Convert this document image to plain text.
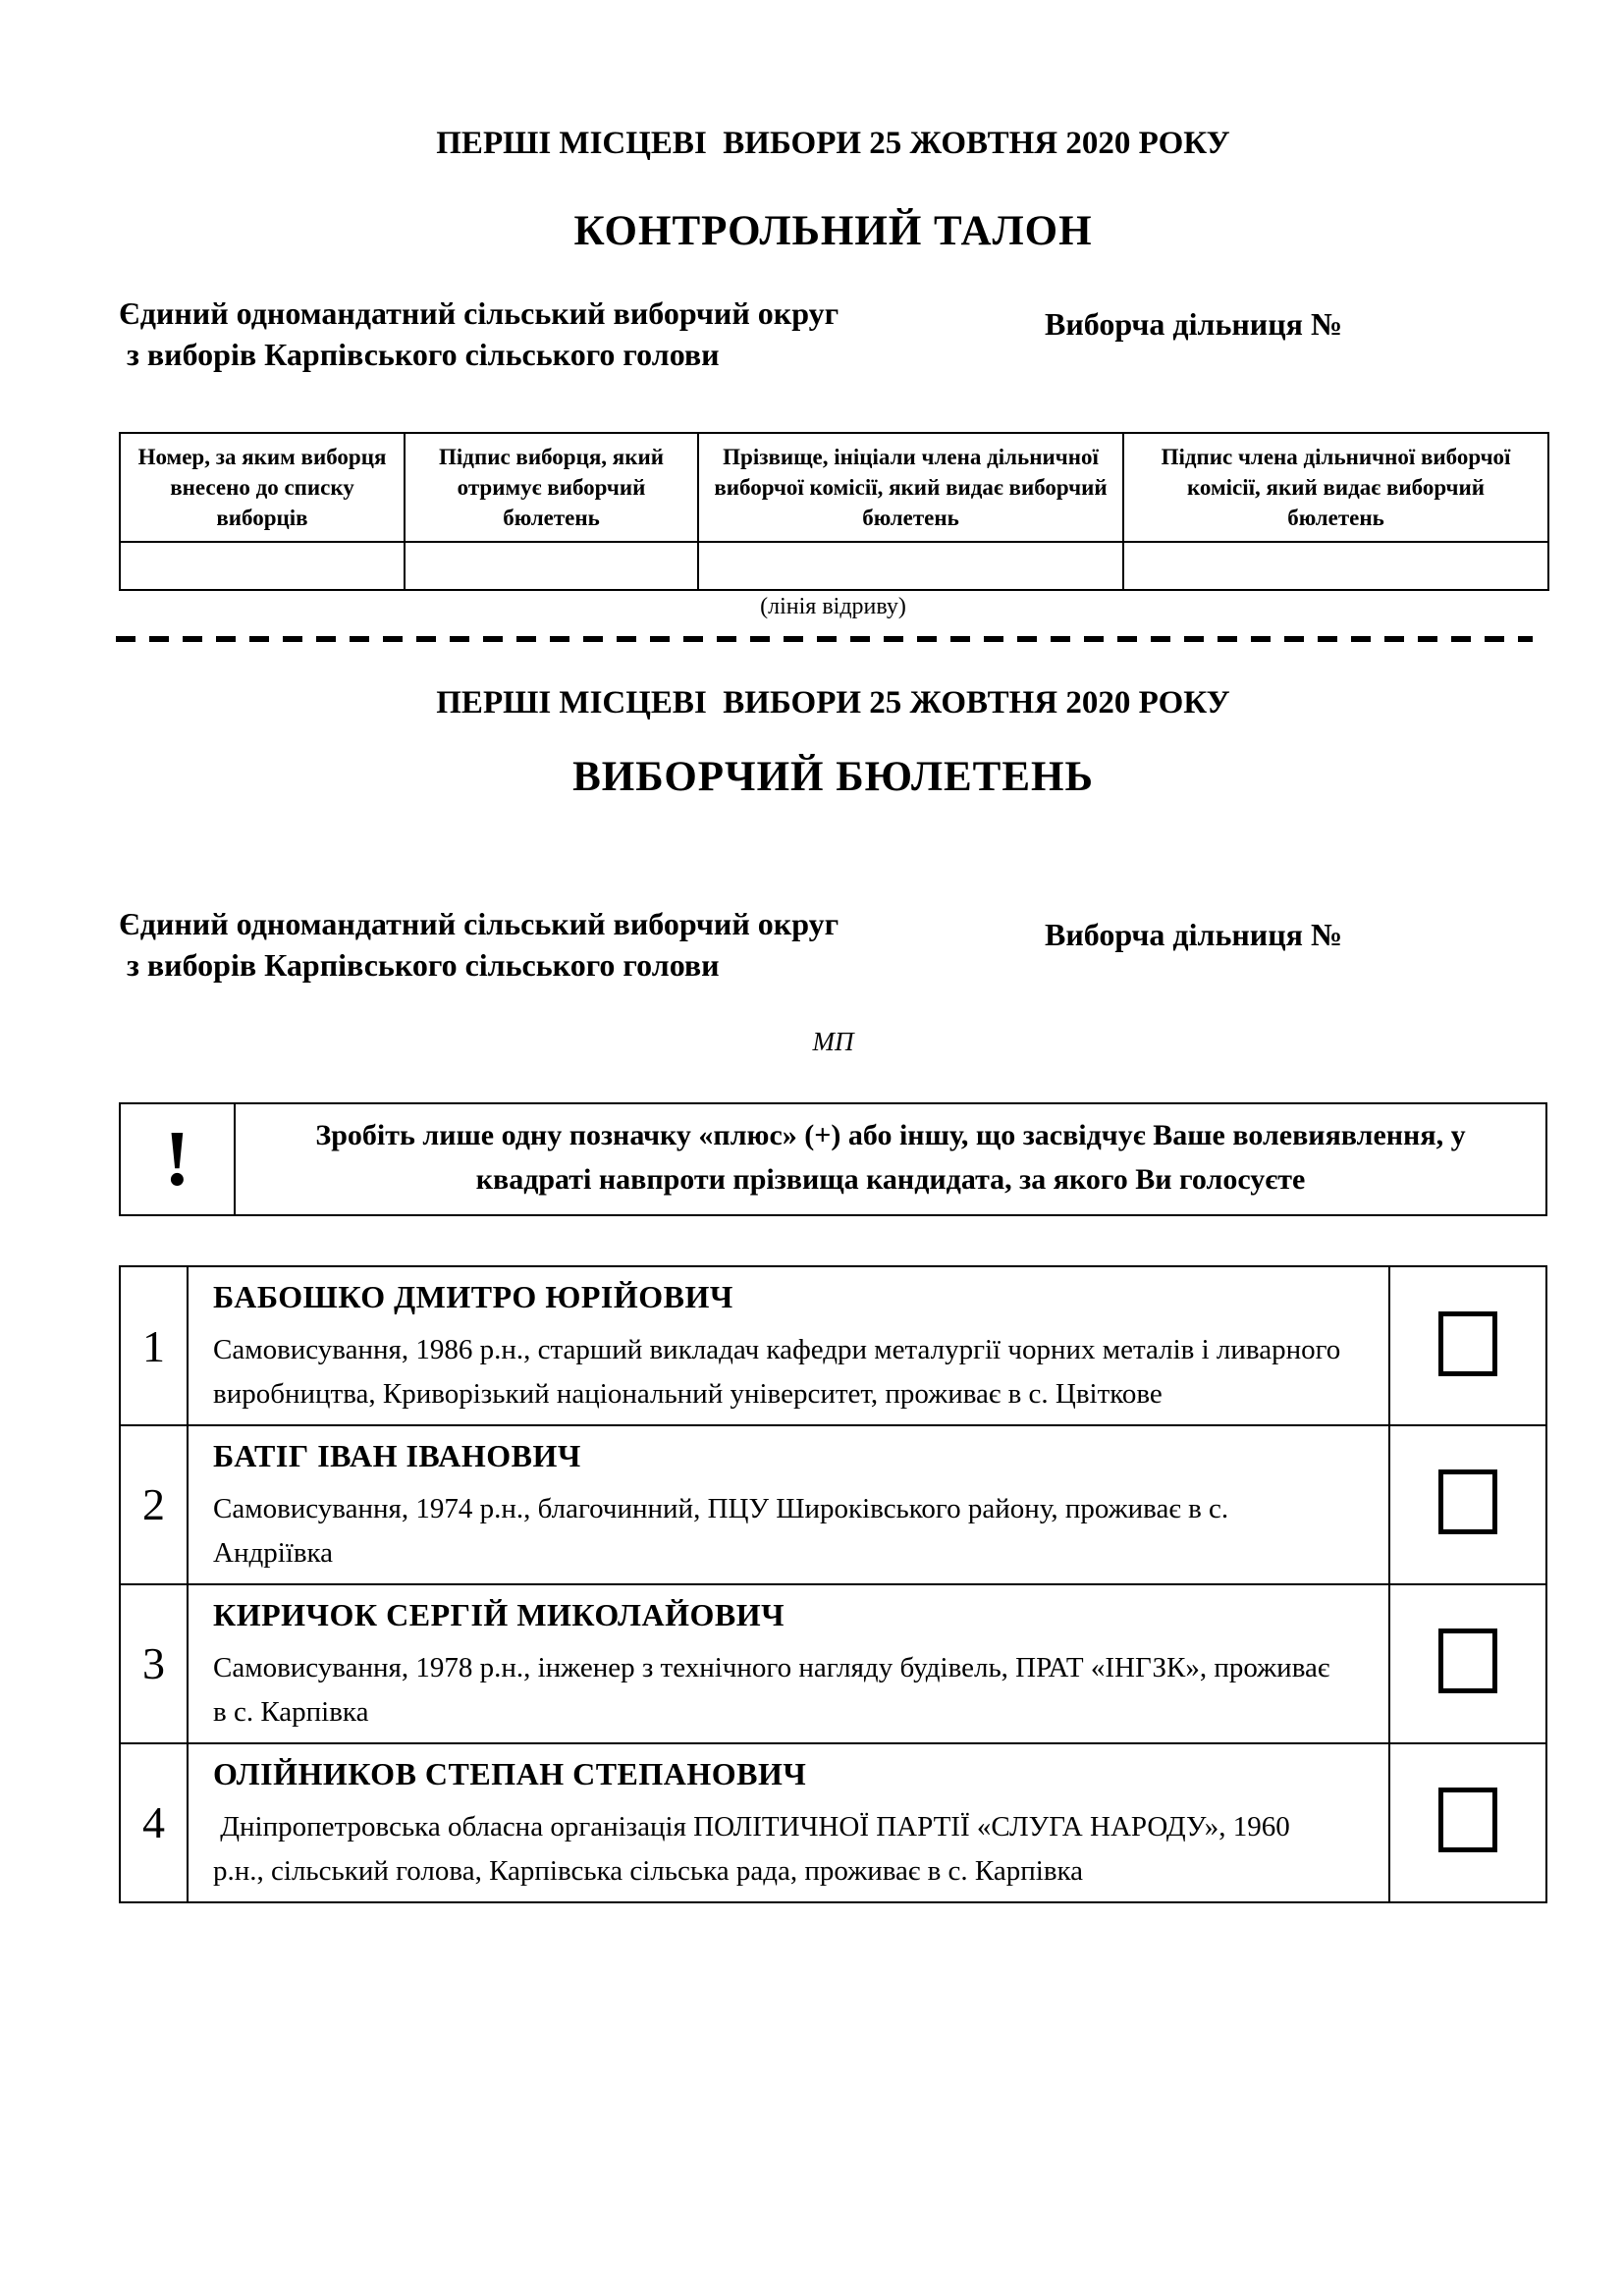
ПЕРШІ МІСЦЕВІ  ВИБОРИ 25 ЖОВТНЯ 2020 РОКУ
КОНТРОЛЬНИЙ ТАЛОН
Єдиний одномандатний сільський виборчий округ
з виборів Карпівського сільського голови
Виборча дільниця №
Номер, за яким виборця внесено до списку виборців	Підпис виборця, який отримує виборчий бюлетень	Прізвище, ініціали члена дільничної виборчої комісії, який видає виборчий бюлетень	Підпис члена дільничної виборчої комісії, який видає виборчий бюлетень

(лінія відриву)
ПЕРШІ МІСЦЕВІ  ВИБОРИ 25 ЖОВТНЯ 2020 РОКУ
ВИБОРЧИЙ БЮЛЕТЕНЬ
Єдиний одномандатний сільський виборчий округ
з виборів Карпівського сільського голови
Виборча дільниця №
МП
!	Зробіть лише одну позначку «плюс» (+) або іншу, що засвідчує Ваше волевиявлення, у квадраті навпроти прізвища кандидата, за якого Ви голосуєте
1	БАБОШКО ДМИТРО ЮРІЙОВИЧ
Самовисування, 1986 р.н., старший викладач кафедри металургії чорних металів і ливарного виробництва, Криворізький національний університет, проживає в с. Цвіткове	

2	БАТІГ ІВАН ІВАНОВИЧ
Самовисування, 1974 р.н., благочинний, ПЦУ Широківського району, проживає в с. Андріївка	

3	КИРИЧОК СЕРГІЙ МИКОЛАЙОВИЧ
Самовисування, 1978 р.н., інженер з технічного нагляду будівель, ПРАТ «ІНГЗК», проживає в с. Карпівка	

4	ОЛІЙНИКОВ СТЕПАН СТЕПАНОВИЧ
Дніпропетровська обласна організація ПОЛІТИЧНОЇ ПАРТІЇ «СЛУГА НАРОДУ», 1960 р.н., сільський голова, Карпівська сільська рада, проживає в с. Карпівка	
